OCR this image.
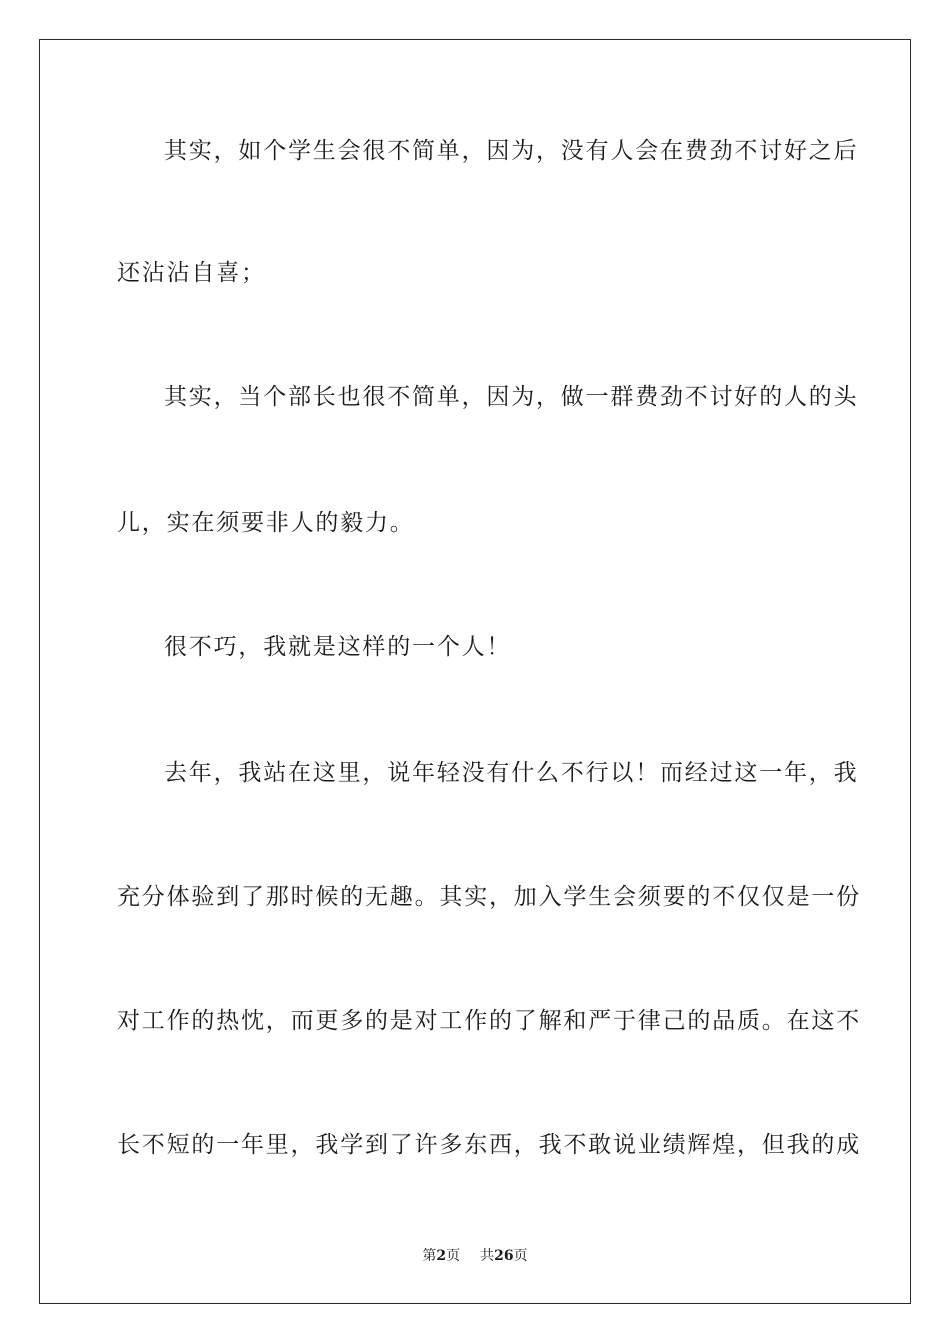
其实，如个学生会很不简单，因为，没有人会在费劲不讨好之后
还沾沾自喜；
其实，当个部长也很不简单，因为，做一群费劲不讨好的人的头
儿，实在须要非人的毅力。
很不巧，我就是这样的一个人！
去年，我站在这里，说年轻没有什么不行以！而经过这一年，我
充分体验到了那时候的无趣。其实，加入学生会须要的不仅仅是一份
对工作的热忱，而更多的是对工作的了解和严于律己的品质。在这不
长不短的一年里，我学到了许多东西，我不敢说业绩辉煌，但我的成
第2页 共26页
